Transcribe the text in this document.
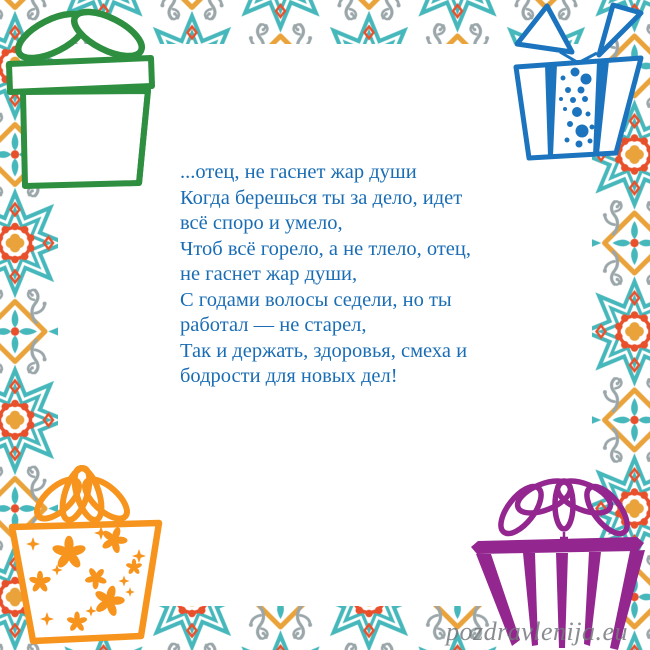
...отец, не гаснет жар души
Когда берешься ты за дело, идет
всё споро и умело,
Чтоб всё горело, а не тлело, отец,
не гаснет жар души,
С годами волосы седели, но ты
работал — не старел,
Так и держать, здоровья, смеха и
бодрости для новых дел!
pozdravlenija.eu
